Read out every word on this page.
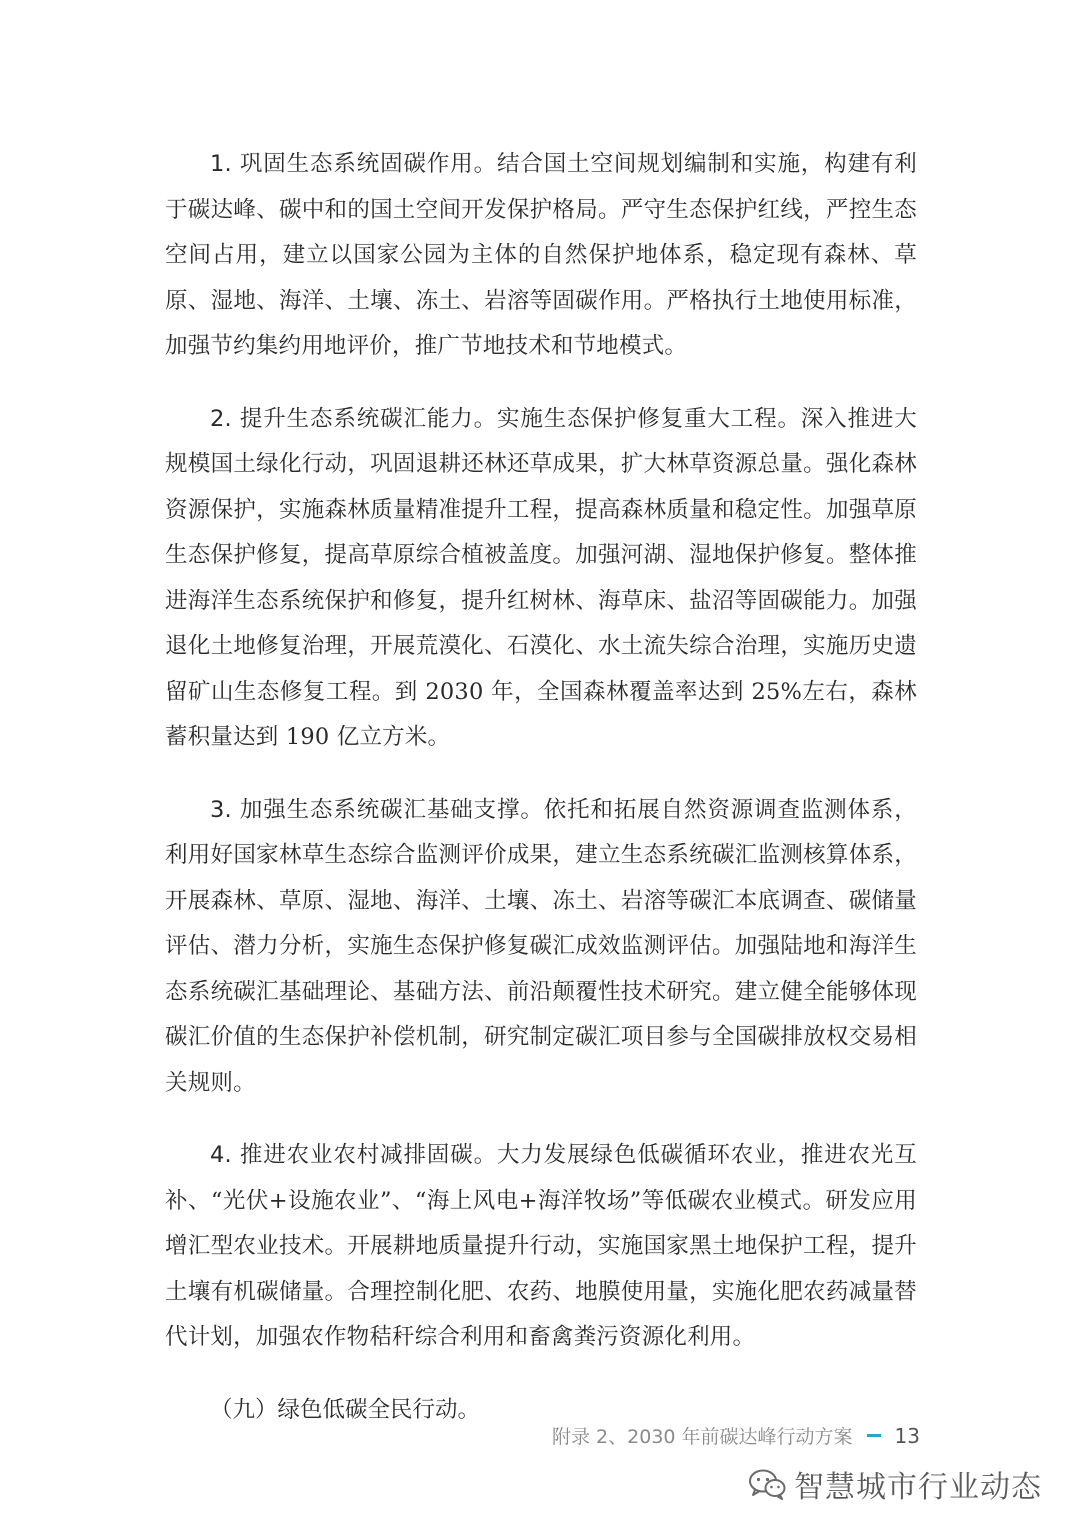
1. 巩固生态系统固碳作用。结合国土空间规划编制和实施，构建有利于碳达峰、碳中和的国土空间开发保护格局。严守生态保护红线，严控生态空间占用，建立以国家公园为主体的自然保护地体系，稳定现有森林、草原、湿地、海洋、土壤、冻土、岩溶等固碳作用。严格执行土地使用标准，加强节约集约用地评价，推广节地技术和节地模式。

2. 提升生态系统碳汇能力。实施生态保护修复重大工程。深入推进大规模国土绿化行动，巩固退耕还林还草成果，扩大林草资源总量。强化森林资源保护，实施森林质量精准提升工程，提高森林质量和稳定性。加强草原生态保护修复，提高草原综合植被盖度。加强河湖、湿地保护修复。整体推进海洋生态系统保护和修复，提升红树林、海草床、盐沼等固碳能力。加强退化土地修复治理，开展荒漠化、石漠化、水土流失综合治理，实施历史遗留矿山生态修复工程。到 2030 年，全国森林覆盖率达到 25%左右，森林蓄积量达到 190 亿立方米。

3. 加强生态系统碳汇基础支撑。依托和拓展自然资源调查监测体系，利用好国家林草生态综合监测评价成果，建立生态系统碳汇监测核算体系，开展森林、草原、湿地、海洋、土壤、冻土、岩溶等碳汇本底调查、碳储量评估、潜力分析，实施生态保护修复碳汇成效监测评估。加强陆地和海洋生态系统碳汇基础理论、基础方法、前沿颠覆性技术研究。建立健全能够体现碳汇价值的生态保护补偿机制，研究制定碳汇项目参与全国碳排放权交易相关规则。

4. 推进农业农村减排固碳。大力发展绿色低碳循环农业，推进农光互补、“光伏+设施农业”、“海上风电+海洋牧场”等低碳农业模式。研发应用增汇型农业技术。开展耕地质量提升行动，实施国家黑土地保护工程，提升土壤有机碳储量。合理控制化肥、农药、地膜使用量，实施化肥农药减量替代计划，加强农作物秸秆综合利用和畜禽粪污资源化利用。

（九）绿色低碳全民行动。

附录 2、2030 年前碳达峰行动方案 13
智慧城市行业动态
